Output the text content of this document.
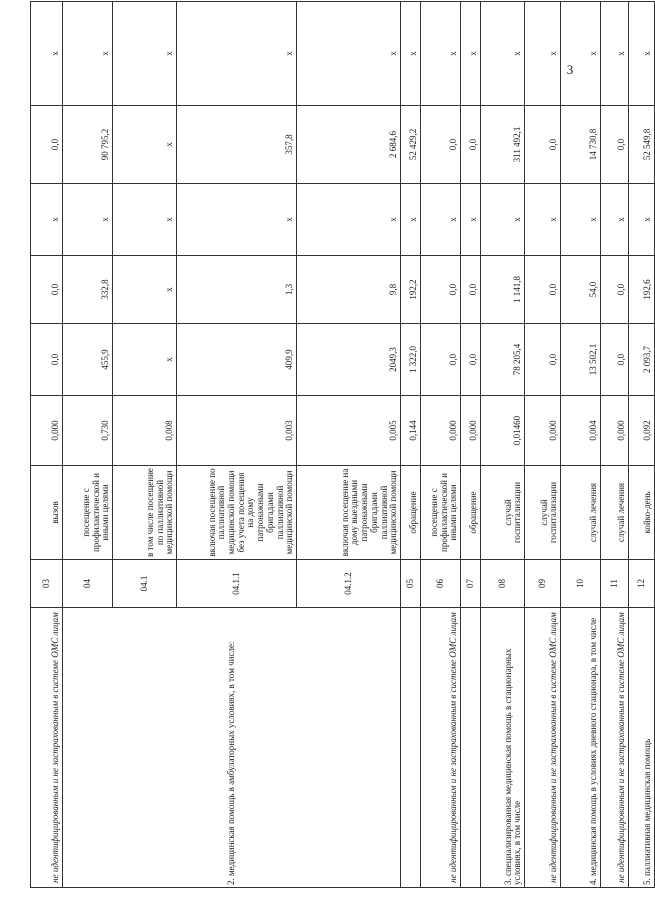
3
не идентифицированным и не застрахованным в системе ОМС лицам	03	вызов	0,000	0,0	0,0	x	0,0	x
2. медицинская помощь в амбулаторных условиях, в том числе:	04	посещение с профилактической и иными целями	0,730	455,9	332,8	x	90 795,2	x
	04.1	в том числе посещение по паллиативной медицинской помощи	0,008	x	x	x	x	x
	04.1.1	включая посещение по паллиативной медицинской помощи без учета посещения на дому патронажными бригадами паллиативной медицинской помощи	0,003	409,9	1,3	x	357,8	x
	04.1.2	включая посещение на дому выездными патронажными бригадами паллиативной медицинской помощи	0,005	2049,3	9,8	x	2 684,6	x
	05	обращение	0,144	1 322,0	192,2	x	52 429,2	x
не идентифицированным и не застрахованным в системе ОМС лицам	06	посещение с профилактической и иными целями	0,000	0,0	0,0	x	0,0	x
	07	обращение	0,000	0,0	0,0	x	0,0	x
3. специализированная медицинская помощь в стационарных условиях, в том числе	08	случай госпитализации	0,01460	78 205,4	1 141,8	x	311 492,1	x
не идентифицированным и не застрахованным в системе ОМС лицам	09	случай госпитализации	0,000	0,0	0,0	x	0,0	x
4. медицинская помощь в условиях дневного стационара, в том числе	10	случай лечения	0,004	13 502,1	54,0	x	14 730,8	x
не идентифицированным и не застрахованным в системе ОМС лицам	11	случай лечения	0,000	0,0	0,0	x	0,0	x
5. паллиативная медицинская помощь	12	койко-день	0,092	2 093,7	192,6	x	52 549,8	x
